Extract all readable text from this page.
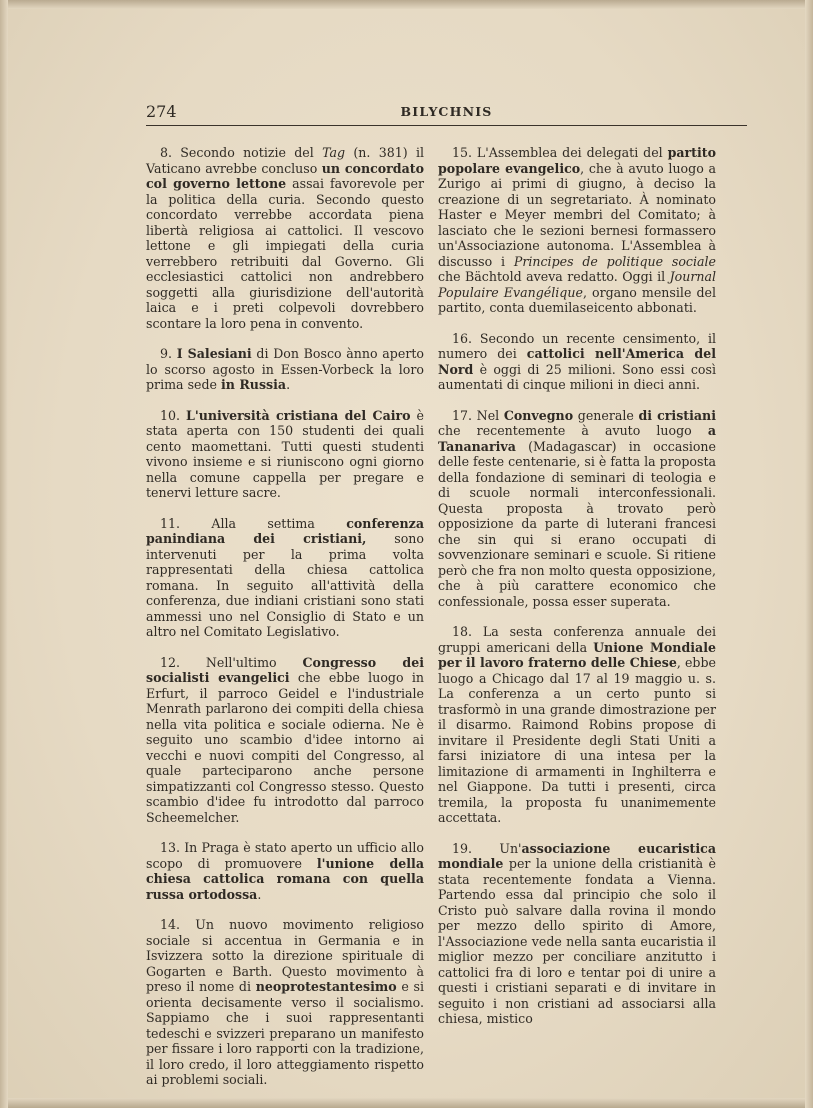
274	BILYCHNIS

8. Secondo notizie del Tag (n. 381) il Vaticano avrebbe concluso un concordato col governo lettone assai favorevole per la politica della curia. Secondo questo concordato verrebbe accordata piena libertà religiosa ai cattolici. Il vescovo lettone e gli impiegati della curia verrebbero retribuiti dal Governo. Gli ecclesiastici cattolici non andrebbero soggetti alla giurisdizione dell'autorità laica e i preti colpevoli dovrebbero scontare la loro pena in convento.

9. I Salesiani di Don Bosco ànno aperto lo scorso agosto in Essen-Vorbeck la loro prima sede in Russia.

10. L'università cristiana del Cairo è stata aperta con 150 studenti dei quali cento maomettani. Tutti questi studenti vivono insieme e si riuniscono ogni giorno nella comune cappella per pregare e tenervi letture sacre.

11. Alla settima conferenza panindiana dei cristiani, sono intervenuti per la prima volta rappresentati della chiesa cattolica romana. In seguito all'attività della conferenza, due indiani cristiani sono stati ammessi uno nel Consiglio di Stato e un altro nel Comitato Legislativo.

12. Nell'ultimo Congresso dei socialisti evangelici che ebbe luogo in Erfurt, il parroco Geidel e l'industriale Menrath parlarono dei compiti della chiesa nella vita politica e sociale odierna. Ne è seguito uno scambio d'idee intorno ai vecchi e nuovi compiti del Congresso, al quale parteciparono anche persone simpatizzanti col Congresso stesso. Questo scambio d'idee fu introdotto dal parroco Scheemelcher.

13. In Praga è stato aperto un ufficio allo scopo di promuovere l'unione della chiesa cattolica romana con quella russa ortodossa.

14. Un nuovo movimento religioso sociale si accentua in Germania e in Isvizzera sotto la direzione spirituale di Gogarten e Barth. Questo movimento à preso il nome di neoprotestantesimo e si orienta decisamente verso il socialismo. Sappiamo che i suoi rappresentanti tedeschi e svizzeri preparano un manifesto per fissare i loro rapporti con la tradizione, il loro credo, il loro atteggiamento rispetto ai problemi sociali.

15. L'Assemblea dei delegati del partito popolare evangelico, che à avuto luogo a Zurigo ai primi di giugno, à deciso la creazione di un segretariato. À nominato Haster e Meyer membri del Comitato; à lasciato che le sezioni bernesi formassero un'Associazione autonoma. L'Assemblea à discusso i Principes de politique sociale che Bächtold aveva redatto. Oggi il Journal Populaire Evangélique, organo mensile del partito, conta duemilaseicento abbonati.

16. Secondo un recente censimento, il numero dei cattolici nell'America del Nord è oggi di 25 milioni. Sono essi così aumentati di cinque milioni in dieci anni.

17. Nel Convegno generale di cristiani che recentemente à avuto luogo a Tananariva (Madagascar) in occasione delle feste centenarie, si è fatta la proposta della fondazione di seminari di teologia e di scuole normali interconfessionali. Questa proposta à trovato però opposizione da parte di luterani francesi che sin qui si erano occupati di sovvenzionare seminari e scuole. Si ritiene però che fra non molto questa opposizione, che à più carattere economico che confessionale, possa esser superata.

18. La sesta conferenza annuale dei gruppi americani della Unione Mondiale per il lavoro fraterno delle Chiese, ebbe luogo a Chicago dal 17 al 19 maggio u. s. La conferenza a un certo punto si trasformò in una grande dimostrazione per il disarmo. Raimond Robins propose di invitare il Presidente degli Stati Uniti a farsi iniziatore di una intesa per la limitazione di armamenti in Inghilterra e nel Giappone. Da tutti i presenti, circa tremila, la proposta fu unanimemente accettata.

19. Un'associazione eucaristica mondiale per la unione della cristianità è stata recentemente fondata a Vienna. Partendo essa dal principio che solo il Cristo può salvare dalla rovina il mondo per mezzo dello spirito di Amore, l'Associazione vede nella santa eucaristia il miglior mezzo per conciliare anzitutto i cattolici fra di loro e tentar poi di unire a questi i cristiani separati e di invitare in seguito i non cristiani ad associarsi alla chiesa, mistico
